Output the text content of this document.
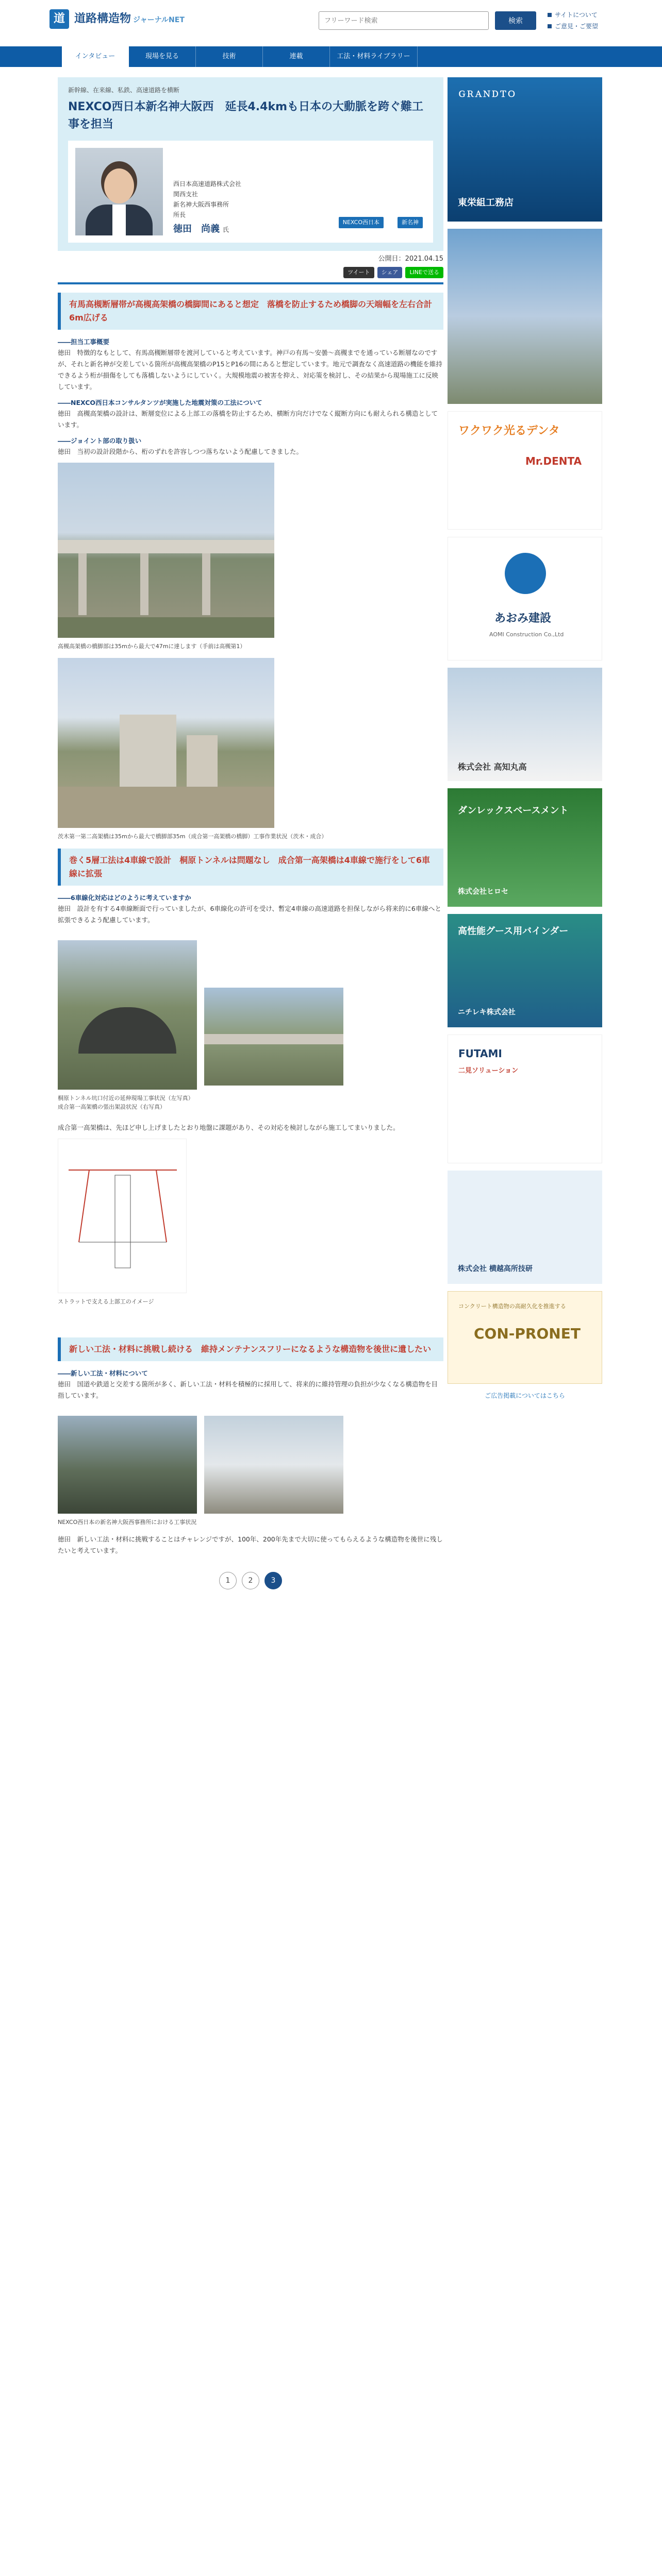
道 道路構造物 ジャーナルNET
フリーワード検索	検索
サイトについて
ご意見・ご要望
インタビュー	現場を見る	技術	連載	工法・材料ライブラリー
新幹線、在来線、私鉄、高速道路を横断
NEXCO西日本新名神大阪西　延長4.4kmも日本の大動脈を跨ぐ難工事を担当
西日本高速道路株式会社
関西支社
新名神大阪西事務所
所長
徳田　尚義 氏
NEXCO西日本	新名神
公開日：2021.04.15
ツイート	シェア	LINEで送る
有馬高槻断層帯が高槻高架橋の橋脚間にあると想定　落橋を防止するため橋脚の天端幅を左右合計6m広げる
――担当工事概要
徳田　特徴的なもとして、有馬高槻断層帯を渡河していると考えています。神戸の有馬～安曇～高槻までを通っている断層なのですが、それと新名神が交差している箇所が高槻高架橋のP15とP16の間にあると想定しています。地元で調査なく高速道路の機能を維持できるよう桁が損傷をしても落橋しないようにしていく。大規模地震の被害を抑え、対応策を検討し、その結果から現場施工に反映しています。
――NEXCO西日本コンサルタンツが実施した地震対策の工法について
徳田　高槻高架橋の設計は、断層変位による上部工の落橋を防止するため、横断方向だけでなく縦断方向にも耐えられる構造としています。
――ジョイント部の取り扱い
徳田　当初の設計段階から、桁のずれを許容しつつ落ちないよう配慮してきました。
高槻高架橋の橋脚部は35mから最大で47mに達します（手前は高槻第1）
茨木第一第二高架橋は35mから最大で橋脚部35m（成合第一高架橋の橋脚）工事作業状況（茨木・成合）
巻く5層工法は4車線で設計　桐原トンネルは問題なし　成合第一高架橋は4車線で施行をして6車線に拡張
――6車線化対応はどのように考えていますか
徳田　設計を有する4車線断面で行っていましたが、6車線化の許可を受け、暫定4車線の高速道路を担保しながら将来的に6車線へと拡張できるよう配慮しています。
桐原トンネル坑口付近の延伸現場工事状況（左写真）
成合第一高架橋の張出架設状況（右写真）
成合第一高架橋は、先ほど申し上げましたとおり地盤に課題があり、その対応を検討しながら施工してまいりました。
ストラットで支える上部工のイメージ
新しい工法・材料に挑戦し続ける　維持メンテナンスフリーになるような構造物を後世に遺したい
――新しい工法・材料について
徳田　国道や鉄道と交差する箇所が多く、新しい工法・材料を積極的に採用して、将来的に維持管理の負担が少なくなる構造物を目指しています。
NEXCO西日本の新名神大阪西事務所における工事状況
徳田　新しい工法・材料に挑戦することはチャレンジですが、100年、200年先まで大切に使ってもらえるような構造物を後世に残したいと考えています。
1	2	3
ＧＲＡＮＤＴＯ
東栄組工務店
ワクワク光るデンタ
Mr.DENTA
あおみ建設
AOMI Construction Co.,Ltd
株式会社 高知丸高
ダンレックスベースメント
株式会社ヒロセ
高性能グース用バインダー
ニチレキ株式会社
FUTAMI
二見ソリューション
株式会社 横越高所技研
コンクリート構造物の高耐久化を推進する
CON-PRONET
ご広告掲載についてはこちら
